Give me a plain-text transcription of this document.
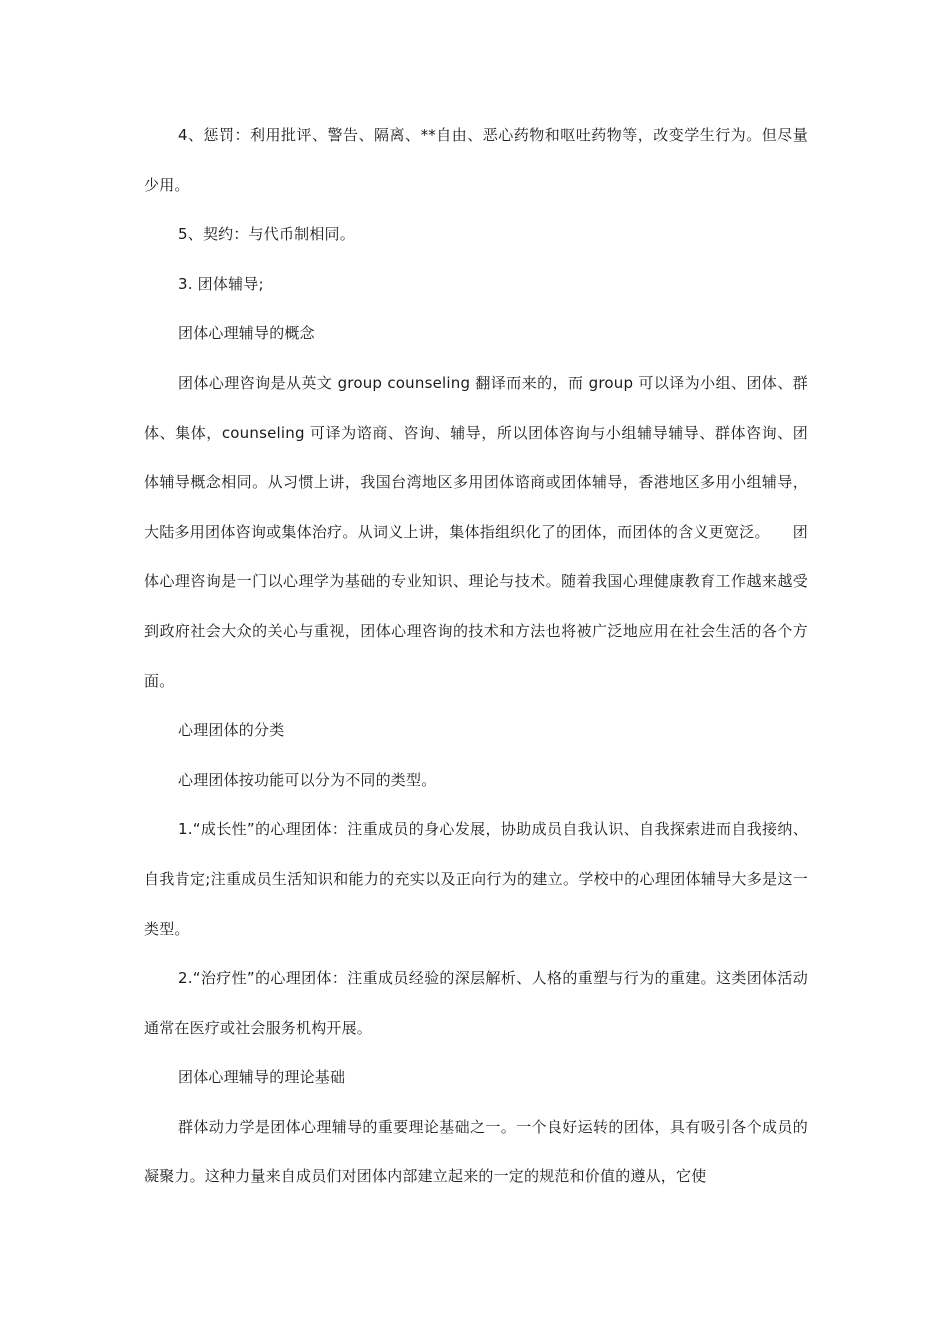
4、惩罚：利用批评、警告、隔离、**自由、恶心药物和呕吐药物等，改变学生行为。但尽量少用。

5、契约：与代币制相同。

3. 团体辅导;

团体心理辅导的概念

团体心理咨询是从英文 group counseling 翻译而来的，而 group 可以译为小组、团体、群体、集体，counseling 可译为谘商、咨询、辅导，所以团体咨询与小组辅导辅导、群体咨询、团体辅导概念相同。从习惯上讲，我国台湾地区多用团体谘商或团体辅导，香港地区多用小组辅导，大陆多用团体咨询或集体治疗。从词义上讲，集体指组织化了的团体，而团体的含义更宽泛。　　团体心理咨询是一门以心理学为基础的专业知识、理论与技术。随着我国心理健康教育工作越来越受到政府社会大众的关心与重视，团体心理咨询的技术和方法也将被广泛地应用在社会生活的各个方面。

心理团体的分类

心理团体按功能可以分为不同的类型。

1.“成长性”的心理团体：注重成员的身心发展，协助成员自我认识、自我探索进而自我接纳、自我肯定;注重成员生活知识和能力的充实以及正向行为的建立。学校中的心理团体辅导大多是这一类型。

2.“治疗性”的心理团体：注重成员经验的深层解析、人格的重塑与行为的重建。这类团体活动通常在医疗或社会服务机构开展。

团体心理辅导的理论基础

群体动力学是团体心理辅导的重要理论基础之一。一个良好运转的团体，具有吸引各个成员的凝聚力。这种力量来自成员们对团体内部建立起来的一定的规范和价值的遵从，它使
